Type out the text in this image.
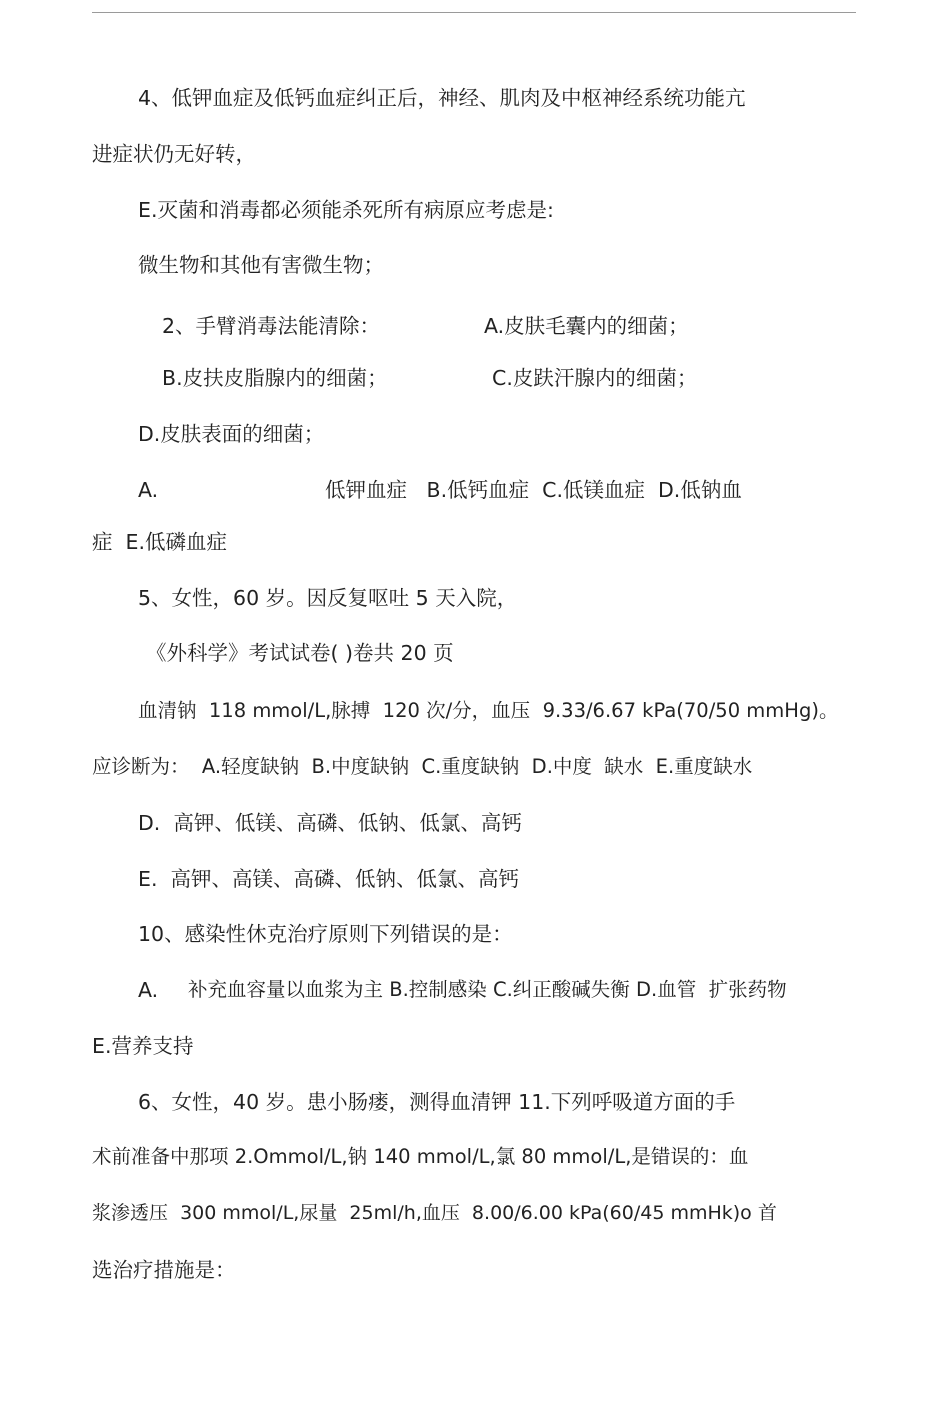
4、低钾血症及低钙血症纠正后，神经、肌肉及中枢神经系统功能亢
进症状仍无好转，
E.灭菌和消毒都必须能杀死所有病原应考虑是:
微生物和其他有害微生物；
2、手臂消毒法能清除：	A.皮肤毛囊内的细菌；
B.皮扶皮脂腺内的细菌；	C.皮趺汗腺内的细菌；
D.皮肤表面的细菌；
A.	低钾血症   B.低钙血症  C.低镁血症  D.低钠血
症  E.低磷血症
5、女性，60 岁。因反复呕吐 5 天入院，
《外科学》考试试卷( )卷共 20 页
血清钠  118 mmol/L,脉搏  120 次/分，血压  9.33/6.67 kPa(70/50 mmHg)。
应诊断为：  A.轻度缺钠  B.中度缺钠  C.重度缺钠  D.中度  缺水  E.重度缺水
D.  高钾、低镁、高磷、低钠、低氯、高钙
E.  高钾、高镁、高磷、低钠、低氯、高钙
10、感染性休克治疗原则下列错误的是：
A. 补充血容量以血浆为主 B.控制感染 C.纠正酸碱失衡 D.血管  扩张药物
E.营养支持
6、女性，40 岁。患小肠瘘，测得血清钾 11.下列呼吸道方面的手
术前准备中那项 2.Ommol/L,钠 140 mmol/L,氯 80 mmol/L,是错误的：血
浆渗透压  300 mmol/L,尿量  25ml/h,血压  8.00/6.00 kPa(60/45 mmHk)o 首
选治疗措施是：
